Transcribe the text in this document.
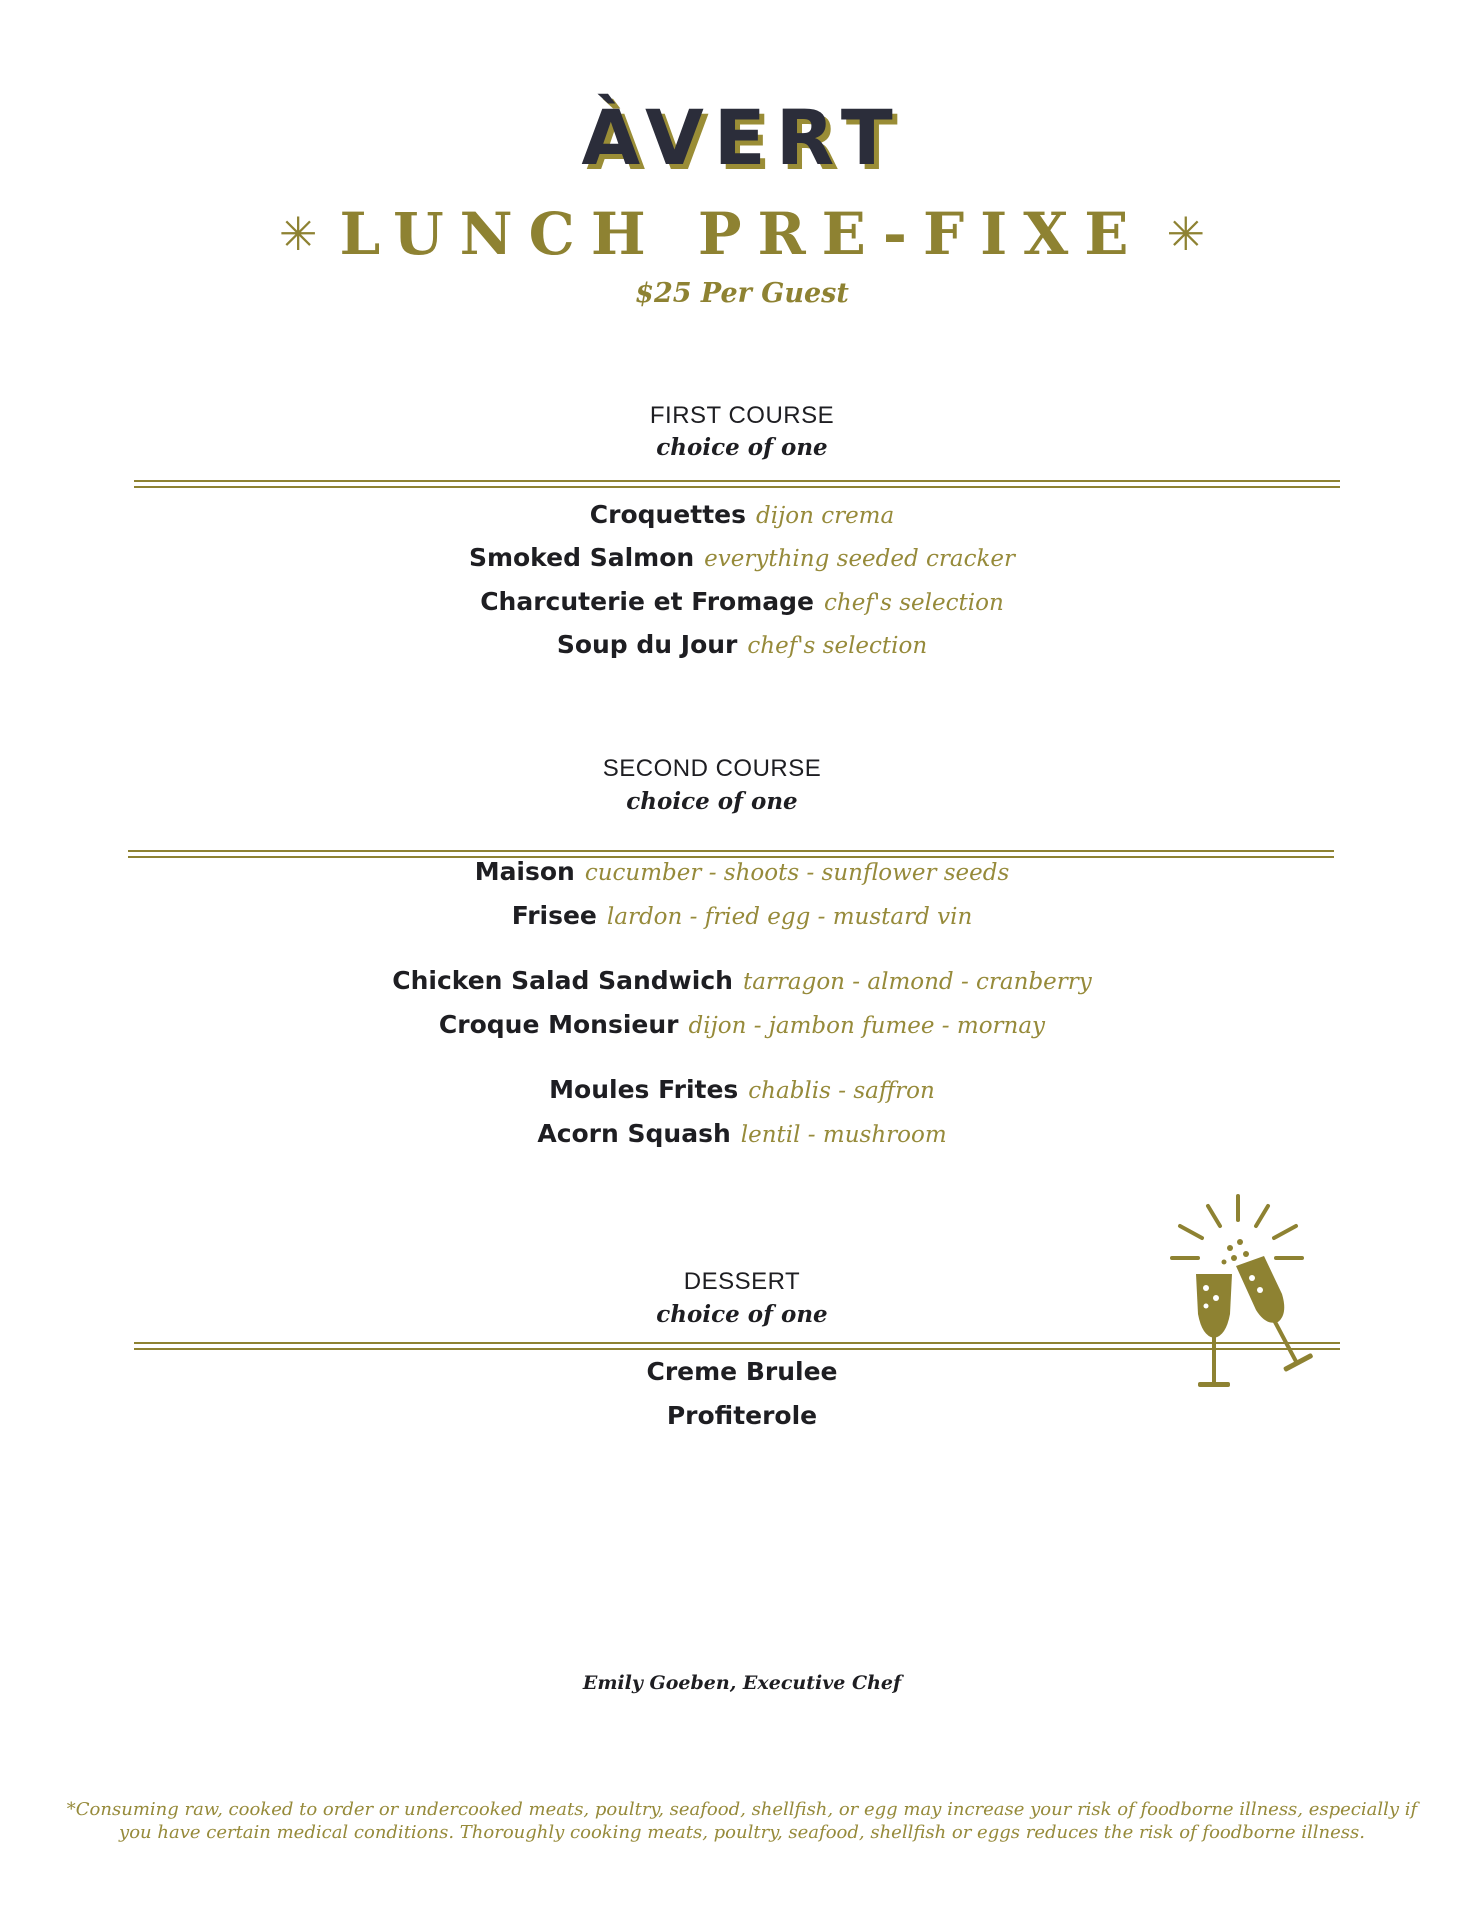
ÀVERT
✳ LUNCH PRE-FIXE ✳
$25 Per Guest
FIRST COURSE
choice of one
Croquettes dijon crema
Smoked Salmon everything seeded cracker
Charcuterie et Fromage chef's selection
Soup du Jour chef's selection
SECOND COURSE
choice of one
Maison cucumber - shoots - sunflower seeds
Frisee lardon - fried egg - mustard vin
Chicken Salad Sandwich tarragon - almond - cranberry
Croque Monsieur dijon - jambon fumee - mornay
Moules Frites chablis - saffron
Acorn Squash lentil - mushroom
DESSERT
choice of one
Creme Brulee
Profiterole
Emily Goeben, Executive Chef
*Consuming raw, cooked to order or undercooked meats, poultry, seafood, shellfish, or egg may increase your risk of foodborne illness, especially if you have certain medical conditions. Thoroughly cooking meats, poultry, seafood, shellfish or eggs reduces the risk of foodborne illness.
